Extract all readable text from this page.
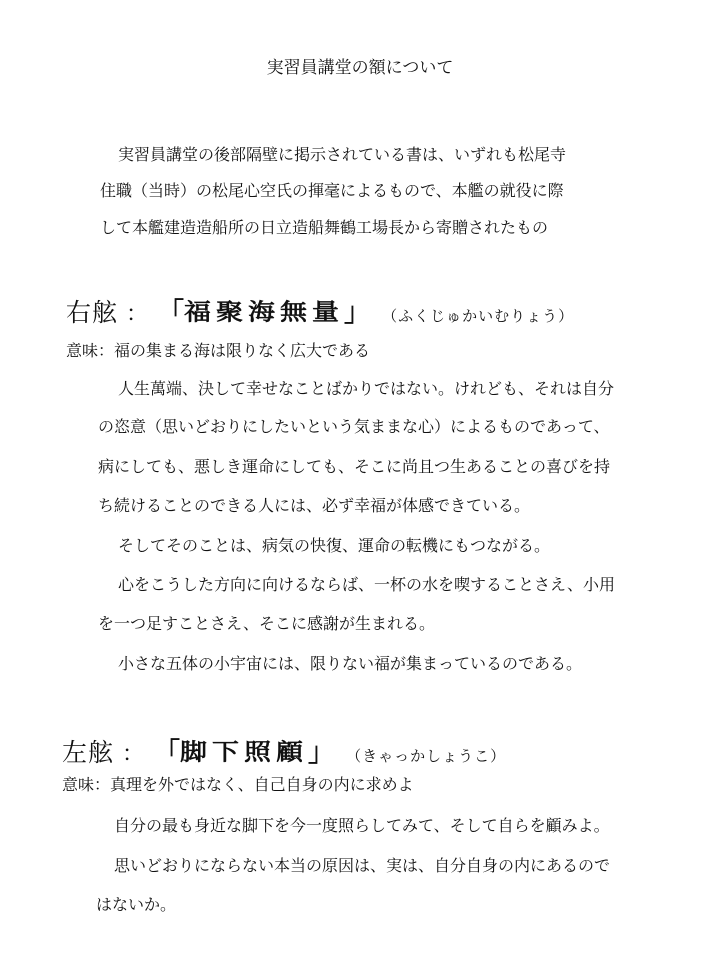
実習員講堂の額について
実習員講堂の後部隔壁に掲示されている書は、いずれも松尾寺
住職（当時）の松尾心空氏の揮毫によるもので、本艦の就役に際
して本艦建造造船所の日立造船舞鶴工場長から寄贈されたもの
右舷 ： 「 福聚海無量 」 （ふくじゅかいむりょう）
意味：福の集まる海は限りなく広大である
人生萬端、決して幸せなことばかりではない。けれども、それは自分
の恣意（思いどおりにしたいという気ままな心）によるものであって、
病にしても、悪しき運命にしても、そこに尚且つ生あることの喜びを持
ち続けることのできる人には、必ず幸福が体感できている。
そしてそのことは、病気の快復、運命の転機にもつながる。
心をこうした方向に向けるならば、一杯の水を喫することさえ、小用
を一つ足すことさえ、そこに感謝が生まれる。
小さな五体の小宇宙には、限りない福が集まっているのである。
左舷 ： 「 脚下照顧 」 （きゃっかしょうこ）
意味：真理を外ではなく、自己自身の内に求めよ
自分の最も身近な脚下を今一度照らしてみて、そして自らを顧みよ。
思いどおりにならない本当の原因は、実は、自分自身の内にあるので
はないか。
